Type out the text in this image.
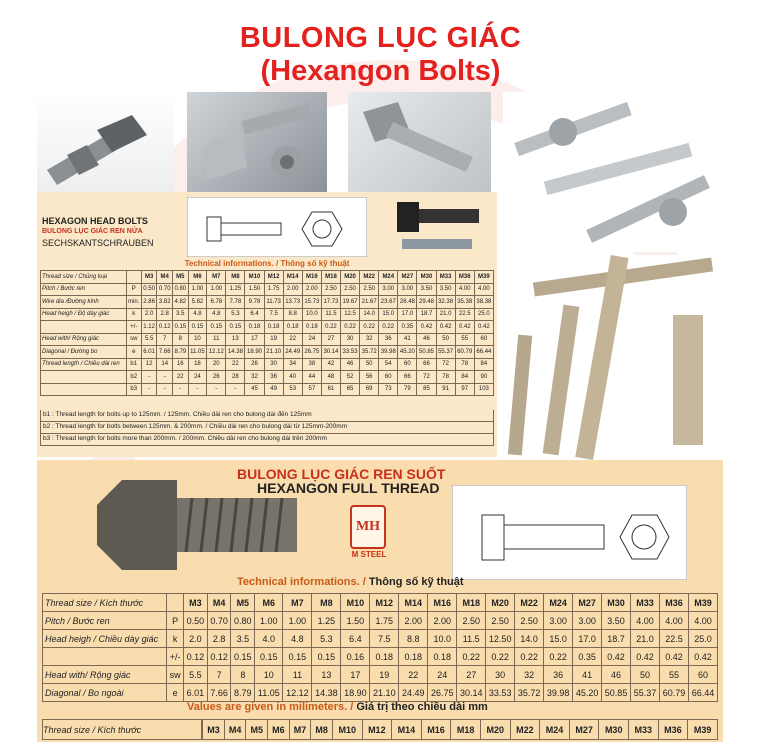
BULONG LỤC GIÁC
(Hexangon Bolts)
HEXAGON HEAD BOLTS
BULONG LỤC GIÁC REN NỬA
SECHSKANTSCHRAUBEN
Technical informations. / Thông số kỹ thuật
Thread size / Chủng loại		M3	M4	M5	M6	M7	M8	M10	M12	M14	M16	M18	M20	M22	M24	M27	M30	M33	M36	M39
Pitch / Bước ren	P	0.50	0.70	0.80	1.00	1.00	1.25	1.50	1.75	2.00	2.00	2.50	2.50	2.50	3.00	3.00	3.50	3.50	4.00	4.00
Wire dia /Đường kính	min.	2.86	3.82	4.82	5.82	6.78	7.78	9.78	11.73	13.73	15.73	17.73	19.67	21.67	23.67	26.48	29.48	32.38	35.38	38.38
Head heigh / Độ dày giác	k	2.0	2.8	3.5	4.8	4.8	5.3	6.4	7.5	8.8	10.0	11.5	12.5	14.0	15.0	17.0	18.7	21.0	22.5	25.0
	+/-	1.12	0.12	0.15	0.15	0.15	0.15	0.18	0.18	0.18	0.18	0.22	0.22	0.22	0.22	0.35	0.42	0.42	0.42	0.42
Head with/ Rộng giác	sw	5.5	7	8	10	11	13	17	19	22	24	27	30	32	36	41	46	50	55	60
Diagonal / Đường bo	e	6.01	7.66	8.79	11.05	12.12	14.38	18.90	21.10	24.49	26.75	30.14	33.53	35.72	39.98	45.20	50.85	55.37	60.79	66.44
Thread length / Chiều dài ren	b1	12	14	16	18	20	22	26	30	34	38	42	46	50	54	60	66	72	78	84
	b2	-	-	22	24	26	28	32	36	40	44	48	52	56	60	66	72	78	84	90
	b3	-	-	-	-	-	-	45	49	53	57	61	65	69	73	79	85	91	97	103
b1 : Thread length for bolts up to 125mm. / 125mm. Chiều dài ren cho bulong dài đến 125mm
b2 : Thread length for bolts between 125mm. & 200mm. / Chiều dài ren cho bulong dài từ 125mm-200mm
b3 : Thread length for bolts more than 200mm. / 200mm. Chiều dài ren cho bulong dài trên 200mm
BULONG LỤC GIÁC REN SUỐT
HEXANGON FULL THREAD
MH
M STEEL
Technical informations. / Thông số kỹ thuật
Thread size / Kích thước		M3	M4	M5	M6	M7	M8	M10	M12	M14	M16	M18	M20	M22	M24	M27	M30	M33	M36	M39
Pitch / Bước ren	P	0.50	0.70	0.80	1.00	1.00	1.25	1.50	1.75	2.00	2.00	2.50	2.50	2.50	3.00	3.00	3.50	4.00	4.00	4.00
Head heigh / Chiều dày giác	k	2.0	2.8	3.5	4.0	4.8	5.3	6.4	7.5	8.8	10.0	11.5	12.50	14.0	15.0	17.0	18.7	21.0	22.5	25.0
	+/-	0.12	0.12	0.15	0.15	0.15	0.15	0.16	0.18	0.18	0.18	0.22	0.22	0.22	0.22	0.35	0.42	0.42	0.42	0.42
Head with/ Rộng giác	sw	5.5	7	8	10	11	13	17	19	22	24	27	30	32	36	41	46	50	55	60
Diagonal / Bo ngoài	e	6.01	7.66	8.79	11.05	12.12	14.38	18.90	21.10	24.49	26.75	30.14	33.53	35.72	39.98	45.20	50.85	55.37	60.79	66.44
Values are given in milimeters. / Giá trị theo chiều dài mm
Thread size / Kích thước		M3	M4	M5	M6	M7	M8	M10	M12	M14	M16	M18	M20	M22	M24	M27	M30	M33	M36	M39
